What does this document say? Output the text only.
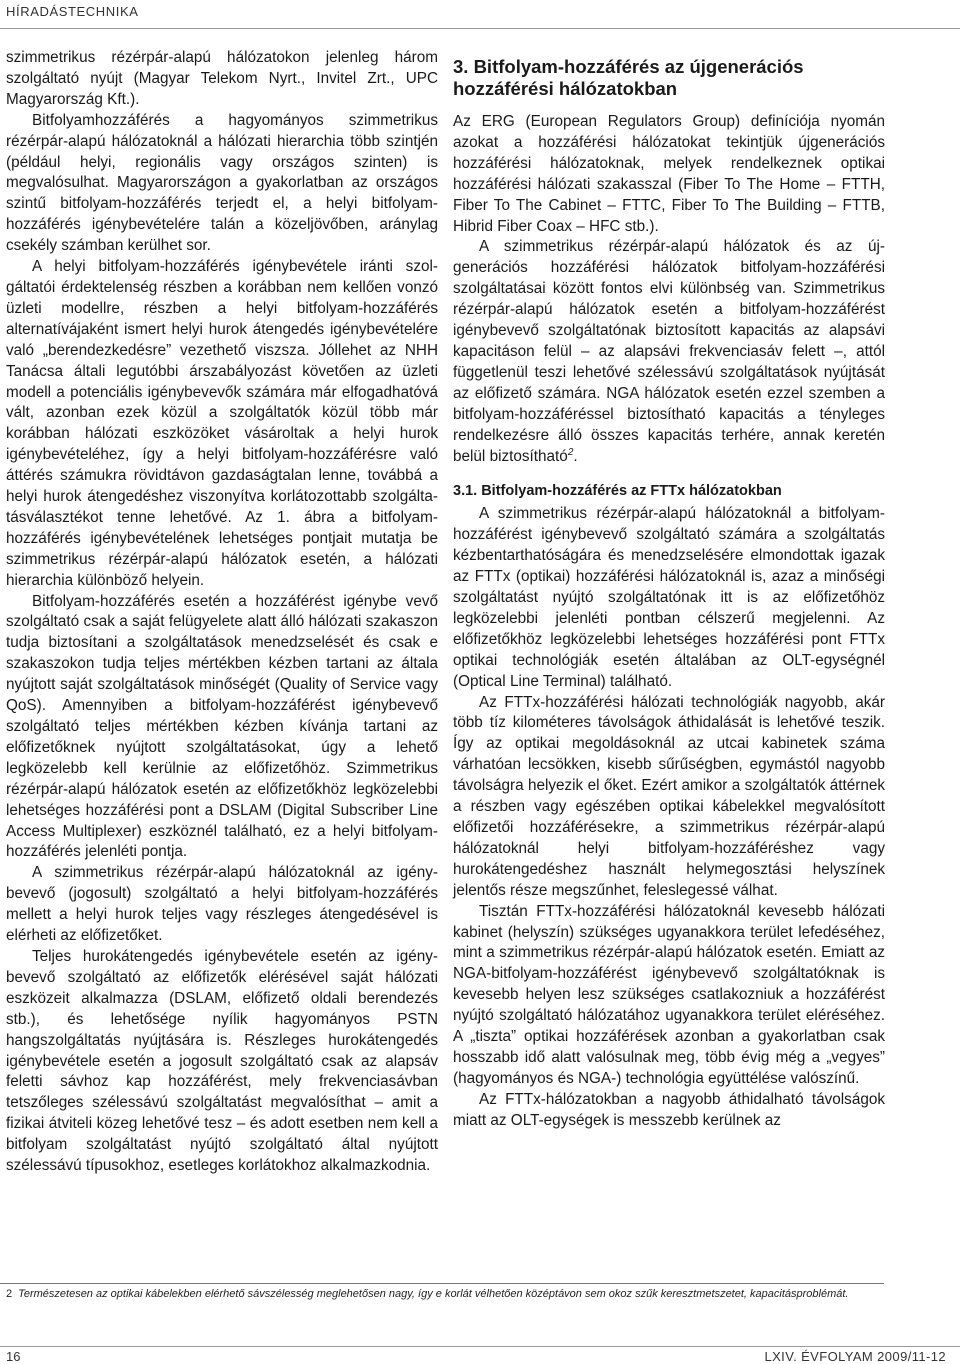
HÍRADÁSTECHNIKA

szimmetrikus rézérpár-alapú hálózatokon jelenleg három szolgáltató nyújt (Magyar Telekom Nyrt., Invitel Zrt., UPC Magyarország Kft.).

Bitfolyamhozzáférés a hagyományos szimmetrikus rézérpár-alapú hálózatoknál a hálózati hierarchia több szintjén (például helyi, regionális vagy országos szinten) is megvalósulhat. Magyarországon a gyakorlatban az országos szintű bitfolyam-hozzáférés terjedt el, a helyi bitfolyam-hozzáférés igénybevételére talán a közeljövőben, aránylag csekély számban kerülhet sor.

A helyi bitfolyam-hozzáférés igénybevétele iránti szolgáltatói érdektelenség részben a korábban nem kellően vonzó üzleti modellre, részben a helyi bitfolyam-hozzáférés alternatívájaként ismert helyi hurok átengedés igénybevételére való „berendezkedésre” vezethető viszsza. Jóllehet az NHH Tanácsa általi legutóbbi árszabályozást követően az üzleti modell a potenciális igénybevevők számára már elfogadhatóvá vált, azonban ezek közül a szolgáltatók közül több már korábban hálózati eszközöket vásároltak a helyi hurok igénybevételéhez, így a helyi bitfolyam-hozzáférésre való áttérés számukra rövidtávon gazdaságtalan lenne, továbbá a helyi hurok átengedéshez viszonyítva korlátozottabb szolgáltatásválasztékot tenne lehetővé. Az 1. ábra a bitfolyam-hozzáférés igénybevételének lehetséges pontjait mutatja be szimmetrikus rézérpár-alapú hálózatok esetén, a hálózati hierarchia különböző helyein.

Bitfolyam-hozzáférés esetén a hozzáférést igénybe vevő szolgáltató csak a saját felügyelete alatt álló hálózati szakaszon tudja biztosítani a szolgáltatások menedzselését és csak e szakaszokon tudja teljes mértékben kézben tartani az általa nyújtott saját szolgáltatások minőségét (Quality of Service vagy QoS). Amennyiben a bitfolyam-hozzáférést igénybevevő szolgáltató teljes mértékben kézben kívánja tartani az előfizetőknek nyújtott szolgáltatásokat, úgy a lehető legközelebb kell kerülnie az előfizetőhöz. Szimmetrikus rézérpár-alapú hálózatok esetén az előfizetőkhöz legközelebbi lehetséges hozzáférési pont a DSLAM (Digital Subscriber Line Access Multiplexer) eszköznél található, ez a helyi bitfolyam-hozzáférés jelenléti pontja.

A szimmetrikus rézérpár-alapú hálózatoknál az igénybevevő (jogosult) szolgáltató a helyi bitfolyam-hozzáférés mellett a helyi hurok teljes vagy részleges átengedésével is elérheti az előfizetőket.

Teljes hurokátengedés igénybevétele esetén az igénybevevő szolgáltató az előfizetők elérésével saját hálózati eszközeit alkalmazza (DSLAM, előfizető oldali berendezés stb.), és lehetősége nyílik hagyományos PSTN hangszolgáltatás nyújtására is. Részleges hurokátengedés igénybevétele esetén a jogosult szolgáltató csak az alapsáv feletti sávhoz kap hozzáférést, mely frekvenciasávban tetszőleges szélessávú szolgáltatást megvalósíthat – amit a fizikai átviteli közeg lehetővé tesz – és adott esetben nem kell a bitfolyam szolgáltatást nyújtó szolgáltató által nyújtott szélessávú típusokhoz, esetleges korlátokhoz alkalmazkodnia.

3. Bitfolyam-hozzáférés az újgenerációs hozzáférési hálózatokban

Az ERG (European Regulators Group) definíciója nyomán azokat a hozzáférési hálózatokat tekintjük újgenerációs hozzáférési hálózatoknak, melyek rendelkeznek optikai hozzáférési hálózati szakasszal (Fiber To The Home – FTTH, Fiber To The Cabinet – FTTC, Fiber To The Building – FTTB, Hibrid Fiber Coax – HFC stb.).

A szimmetrikus rézérpár-alapú hálózatok és az újgenerációs hozzáférési hálózatok bitfolyam-hozzáférési szolgáltatásai között fontos elvi különbség van. Szimmetrikus rézérpár-alapú hálózatok esetén a bitfolyam-hozzáférést igénybevevő szolgáltatónak biztosított kapacitás az alapsávi kapacitáson felül – az alapsávi frekvenciasáv felett –, attól függetlenül teszi lehetővé szélessávú szolgáltatások nyújtását az előfizető számára. NGA hálózatok esetén ezzel szemben a bitfolyam-hozzáféréssel biztosítható kapacitás a tényleges rendelkezésre álló összes kapacitás terhére, annak keretén belül biztosítható$^2$.

3.1. Bitfolyam-hozzáférés az FTTx hálózatokban

A szimmetrikus rézérpár-alapú hálózatoknál a bitfolyam-hozzáférést igénybevevő szolgáltató számára a szolgáltatás kézbentarthatóságára és menedzselésére elmondottak igazak az FTTx (optikai) hozzáférési hálózatoknál is, azaz a minőségi szolgáltatást nyújtó szolgáltatónak itt is az előfizetőhöz legközelebbi jelenléti pontban célszerű megjelenni. Az előfizetőkhöz legközelebbi lehetséges hozzáférési pont FTTx optikai technológiák esetén általában az OLT-egységnél (Optical Line Terminal) található.

Az FTTx-hozzáférési hálózati technológiák nagyobb, akár több tíz kilométeres távolságok áthidalását is lehetővé teszik. Így az optikai megoldásoknál az utcai kabinetek száma várhatóan lecsökken, kisebb sűrűségben, egymástól nagyobb távolságra helyezik el őket. Ezért amikor a szolgáltatók áttérnek a részben vagy egészében optikai kábelekkel megvalósított előfizetői hozzáférésekre, a szimmetrikus rézérpár-alapú hálózatoknál helyi bitfolyam-hozzáféréshez vagy hurokátengedéshez használt helymegosztási helyszínek jelentős része megszűnhet, feleslegessé válhat.

Tisztán FTTx-hozzáférési hálózatoknál kevesebb hálózati kabinet (helyszín) szükséges ugyanakkora terület lefedéséhez, mint a szimmetrikus rézérpár-alapú hálózatok esetén. Emiatt az NGA-bitfolyam-hozzáférést igénybevevő szolgáltatóknak is kevesebb helyen lesz szükséges csatlakozniuk a hozzáférést nyújtó szolgáltató hálózatához ugyanakkora terület eléréséhez. A „tiszta” optikai hozzáférések azonban a gyakorlatban csak hosszabb idő alatt valósulnak meg, több évig még a „vegyes” (hagyományos és NGA-) technológia együttélése valószínű.

Az FTTx-hálózatokban a nagyobb áthidalható távolságok miatt az OLT-egységek is messzebb kerülnek az

2 Természetesen az optikai kábelekben elérhető sávszélesség meglehetősen nagy, így e korlát vélhetően középtávon sem okoz szűk keresztmetszetet, kapacitásproblémát.
16	LXIV. ÉVFOLYAM 2009/11-12
